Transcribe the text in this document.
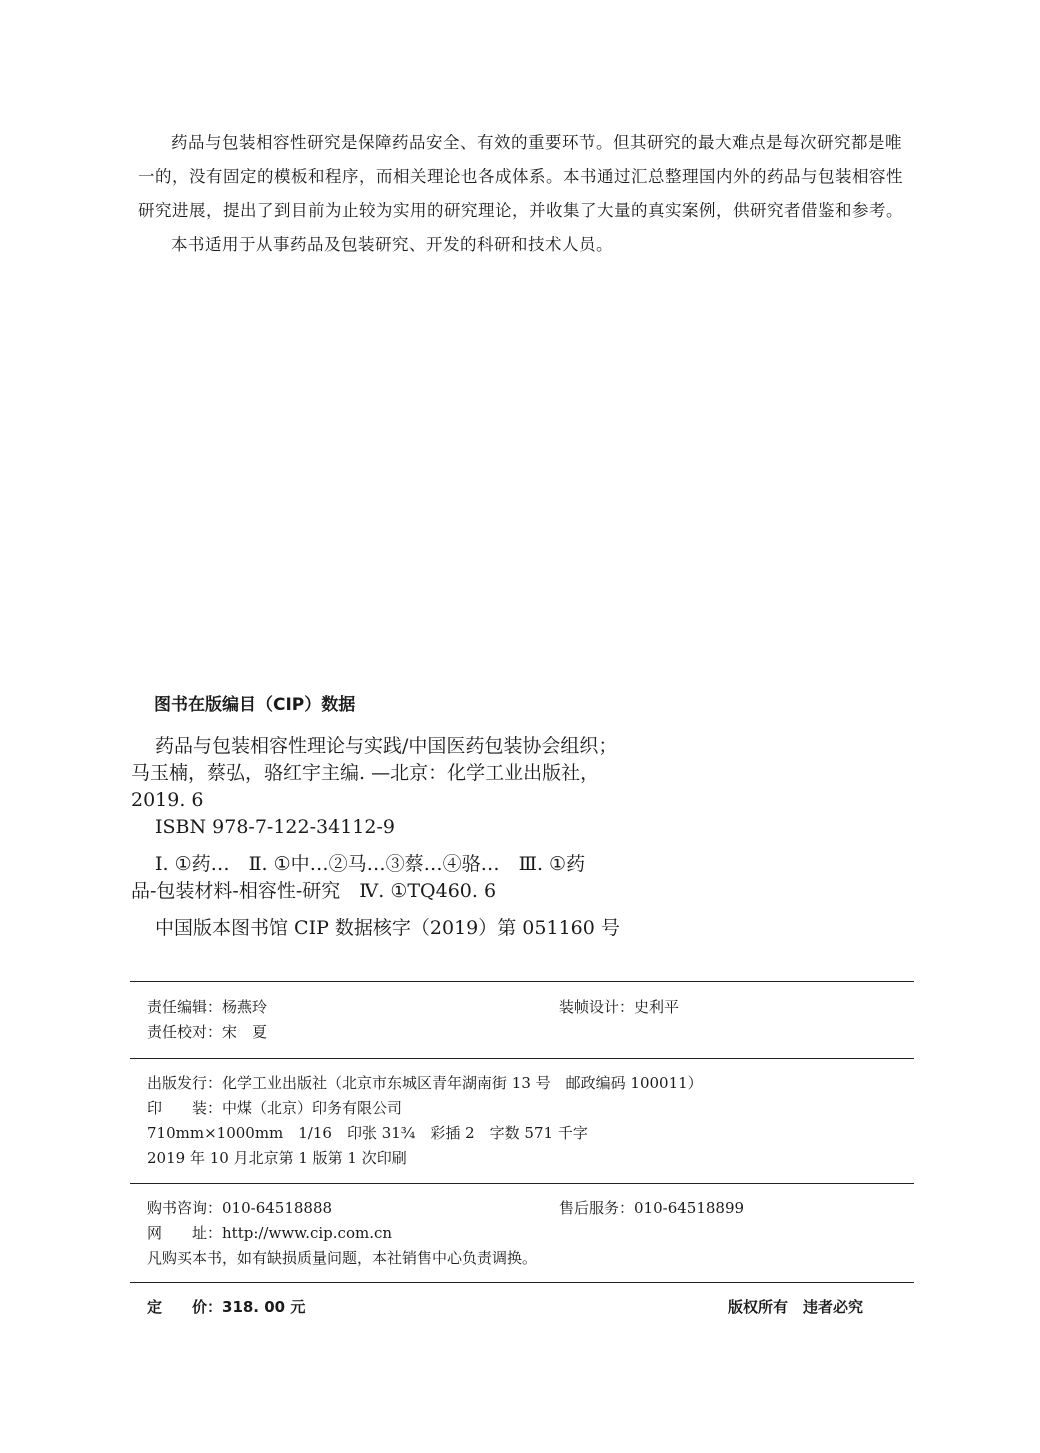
药品与包装相容性研究是保障药品安全、有效的重要环节。但其研究的最大难点是每次研究都是唯一的，没有固定的模板和程序，而相关理论也各成体系。本书通过汇总整理国内外的药品与包装相容性研究进展，提出了到目前为止较为实用的研究理论，并收集了大量的真实案例，供研究者借鉴和参考。

本书适用于从事药品及包装研究、开发的科研和技术人员。

图书在版编目（CIP）数据
药品与包装相容性理论与实践/中国医药包装协会组织；
马玉楠，蔡弘，骆红宇主编. —北京：化学工业出版社，
2019. 6
ISBN 978-7-122-34112-9
Ⅰ. ①药…　Ⅱ. ①中…②马…③蔡…④骆…　Ⅲ. ①药
品-包装材料-相容性-研究　Ⅳ. ①TQ460. 6
中国版本图书馆 CIP 数据核字（2019）第 051160 号
责任编辑：杨燕玲	装帧设计：史利平
责任校对：宋　夏
出版发行：化学工业出版社（北京市东城区青年湖南街 13 号　邮政编码 100011）
印　　装：中煤（北京）印务有限公司
710mm×1000mm　1/16　印张 31¾　彩插 2　字数 571 千字
2019 年 10 月北京第 1 版第 1 次印刷
购书咨询：010-64518888	售后服务：010-64518899
网　　址：http://www.cip.com.cn
凡购买本书，如有缺损质量问题，本社销售中心负责调换。
定　　价：318. 00 元	版权所有　违者必究
